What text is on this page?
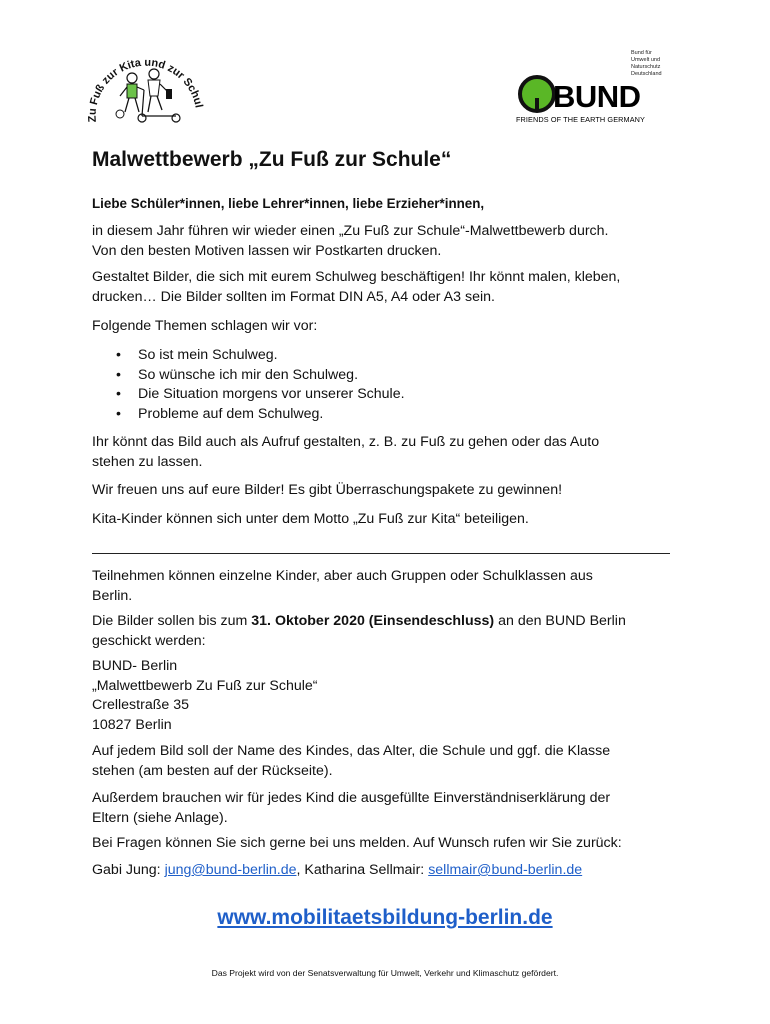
Zu Fuß zur Kita und zur Schul
Bund für
Umwelt und
Naturschutz
Deutschland
BUND
FRIENDS OF THE EARTH GERMANY
Malwettbewerb „Zu Fuß zur Schule“
Liebe Schüler*innen, liebe Lehrer*innen, liebe Erzieher*innen,

in diesem Jahr führen wir wieder einen „Zu Fuß zur Schule“-Malwettbewerb durch.

Von den besten Motiven lassen wir Postkarten drucken.

Gestaltet Bilder, die sich mit eurem Schulweg beschäftigen! Ihr könnt malen, kleben,

drucken… Die Bilder sollten im Format DIN A5, A4 oder A3 sein.

Folgende Themen schlagen wir vor:
• So ist mein Schulweg.
• So wünsche ich mir den Schulweg.
• Die Situation morgens vor unserer Schule.
• Probleme auf dem Schulweg.

Ihr könnt das Bild auch als Aufruf gestalten, z. B. zu Fuß zu gehen oder das Auto

stehen zu lassen.

Wir freuen uns auf eure Bilder! Es gibt Überraschungspakete zu gewinnen!
Kita-Kinder können sich unter dem Motto „Zu Fuß zur Kita“ beteiligen.

Teilnehmen können einzelne Kinder, aber auch Gruppen oder Schulklassen aus

Berlin.

Die Bilder sollen bis zum 31. Oktober 2020 (Einsendeschluss) an den BUND Berlin

geschickt werden:

BUND- Berlin

„Malwettbewerb Zu Fuß zur Schule“

Crellestraße 35

10827 Berlin

Auf jedem Bild soll der Name des Kindes, das Alter, die Schule und ggf. die Klasse

stehen (am besten auf der Rückseite).

Außerdem brauchen wir für jedes Kind die ausgefüllte Einverständniserklärung der

Eltern (siehe Anlage).

Bei Fragen können Sie sich gerne bei uns melden. Auf Wunsch rufen wir Sie zurück:
Gabi Jung: jung@bund-berlin.de, Katharina Sellmair: sellmair@bund-berlin.de
www.mobilitaetsbildung-berlin.de
Das Projekt wird von der Senatsverwaltung für Umwelt, Verkehr und Klimaschutz gefördert.
